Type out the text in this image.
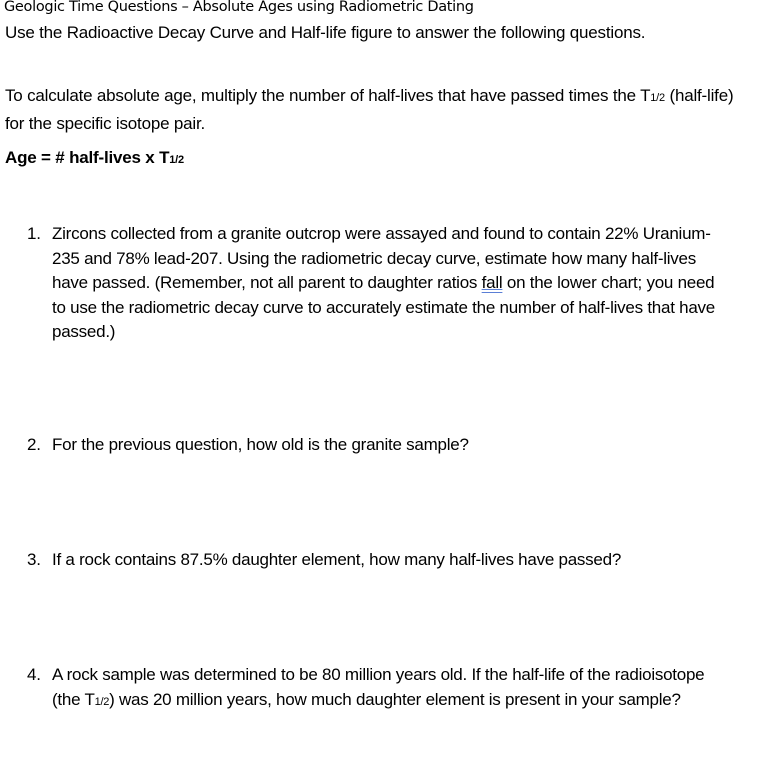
Geologic Time Questions – Absolute Ages using Radiometric Dating
Use the Radioactive Decay Curve and Half-life figure to answer the following questions.
To calculate absolute age, multiply the number of half-lives that have passed times the T1/2 (half-life) for the specific isotope pair.
Age = # half-lives x T1/2
1. Zircons collected from a granite outcrop were assayed and found to contain 22% Uranium-235 and 78% lead-207. Using the radiometric decay curve, estimate how many half-lives have passed. (Remember, not all parent to daughter ratios fall on the lower chart; you need to use the radiometric decay curve to accurately estimate the number of half-lives that have passed.)
2. For the previous question, how old is the granite sample?
3. If a rock contains 87.5% daughter element, how many half-lives have passed?
4. A rock sample was determined to be 80 million years old. If the half-life of the radioisotope (the T1/2) was 20 million years, how much daughter element is present in your sample?
